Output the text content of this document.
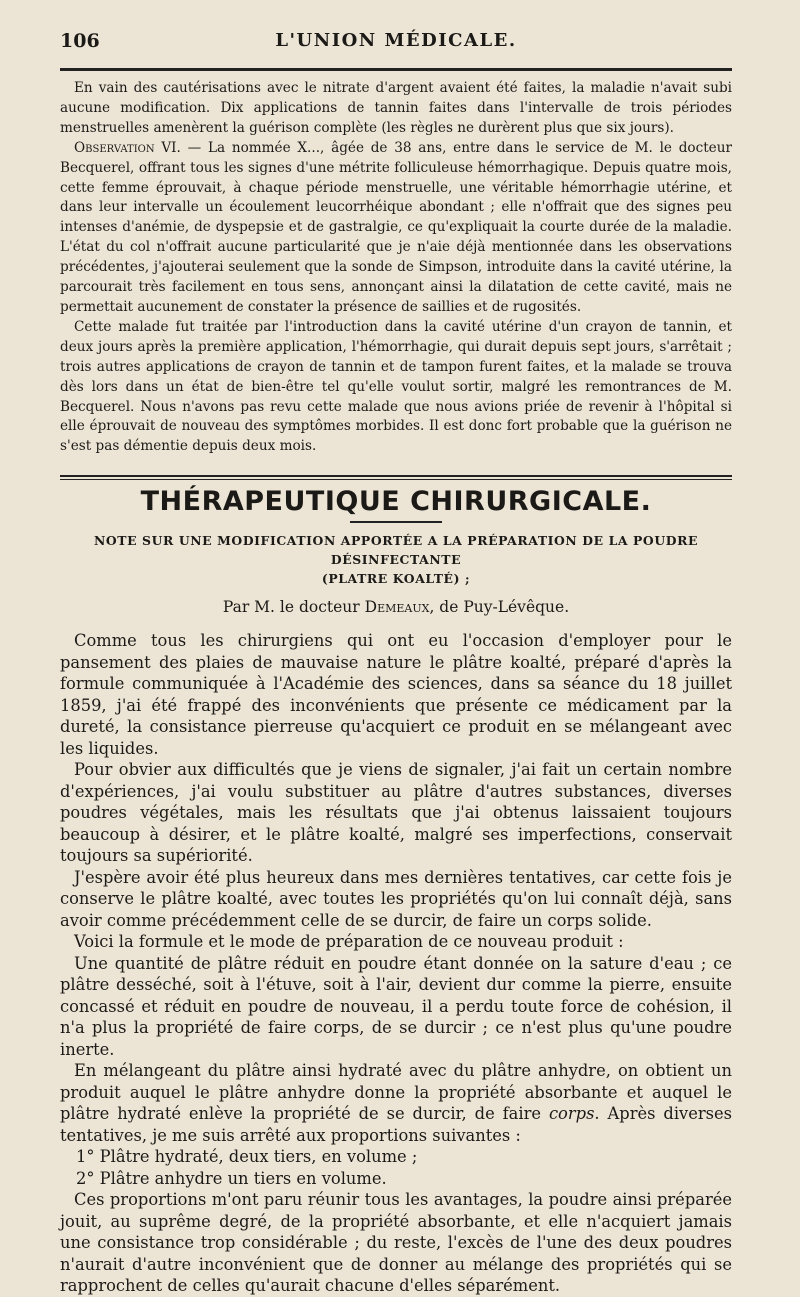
106	L'UNION MÉDICALE.

En vain des cautérisations avec le nitrate d'argent avaient été faites, la maladie n'avait subi aucune modification. Dix applications de tannin faites dans l'intervalle de trois périodes menstruelles amenèrent la guérison complète (les règles ne durèrent plus que six jours).

Observation VI. — La nommée X..., âgée de 38 ans, entre dans le service de M. le docteur Becquerel, offrant tous les signes d'une métrite folliculeuse hémorrhagique. Depuis quatre mois, cette femme éprouvait, à chaque période menstruelle, une véritable hémorrhagie utérine, et dans leur intervalle un écoulement leucorrhéique abondant ; elle n'offrait que des signes peu intenses d'anémie, de dyspepsie et de gastralgie, ce qu'expliquait la courte durée de la maladie. L'état du col n'offrait aucune particularité que je n'aie déjà mentionnée dans les observations précédentes, j'ajouterai seulement que la sonde de Simpson, introduite dans la cavité utérine, la parcourait très facilement en tous sens, annonçant ainsi la dilatation de cette cavité, mais ne permettait aucunement de constater la présence de saillies et de rugosités.

Cette malade fut traitée par l'introduction dans la cavité utérine d'un crayon de tannin, et deux jours après la première application, l'hémorrhagie, qui durait depuis sept jours, s'arrêtait ; trois autres applications de crayon de tannin et de tampon furent faites, et la malade se trouva dès lors dans un état de bien-être tel qu'elle voulut sortir, malgré les remontrances de M. Becquerel. Nous n'avons pas revu cette malade que nous avions priée de revenir à l'hôpital si elle éprouvait de nouveau des symptômes morbides. Il est donc fort probable que la guérison ne s'est pas démentie depuis deux mois.

THÉRAPEUTIQUE CHIRURGICALE.

NOTE SUR UNE MODIFICATION APPORTÉE A LA PRÉPARATION DE LA POUDRE DÉSINFECTANTE
(PLATRE KOALTÉ) ;

Par M. le docteur Demeaux, de Puy-Lévêque.

Comme tous les chirurgiens qui ont eu l'occasion d'employer pour le pansement des plaies de mauvaise nature le plâtre koalté, préparé d'après la formule communiquée à l'Académie des sciences, dans sa séance du 18 juillet 1859, j'ai été frappé des inconvénients que présente ce médicament par la dureté, la consistance pierreuse qu'acquiert ce produit en se mélangeant avec les liquides.

Pour obvier aux difficultés que je viens de signaler, j'ai fait un certain nombre d'expériences, j'ai voulu substituer au plâtre d'autres substances, diverses poudres végétales, mais les résultats que j'ai obtenus laissaient toujours beaucoup à désirer, et le plâtre koalté, malgré ses imperfections, conservait toujours sa supériorité.

J'espère avoir été plus heureux dans mes dernières tentatives, car cette fois je conserve le plâtre koalté, avec toutes les propriétés qu'on lui connaît déjà, sans avoir comme précédemment celle de se durcir, de faire un corps solide.

Voici la formule et le mode de préparation de ce nouveau produit :

Une quantité de plâtre réduit en poudre étant donnée on la sature d'eau ; ce plâtre desséché, soit à l'étuve, soit à l'air, devient dur comme la pierre, ensuite concassé et réduit en poudre de nouveau, il a perdu toute force de cohésion, il n'a plus la propriété de faire corps, de se durcir ; ce n'est plus qu'une poudre inerte.

En mélangeant du plâtre ainsi hydraté avec du plâtre anhydre, on obtient un produit auquel le plâtre anhydre donne la propriété absorbante et auquel le plâtre hydraté enlève la propriété de se durcir, de faire corps. Après diverses tentatives, je me suis arrêté aux proportions suivantes :

1° Plâtre hydraté, deux tiers, en volume ;

2° Plâtre anhydre un tiers en volume.

Ces proportions m'ont paru réunir tous les avantages, la poudre ainsi préparée jouit, au suprême degré, de la propriété absorbante, et elle n'acquiert jamais une consistance trop considérable ; du reste, l'excès de l'une des deux poudres n'aurait d'autre inconvénient que de donner au mélange des propriétés qui se rapprochent de celles qu'aurait chacune d'elles séparément.
